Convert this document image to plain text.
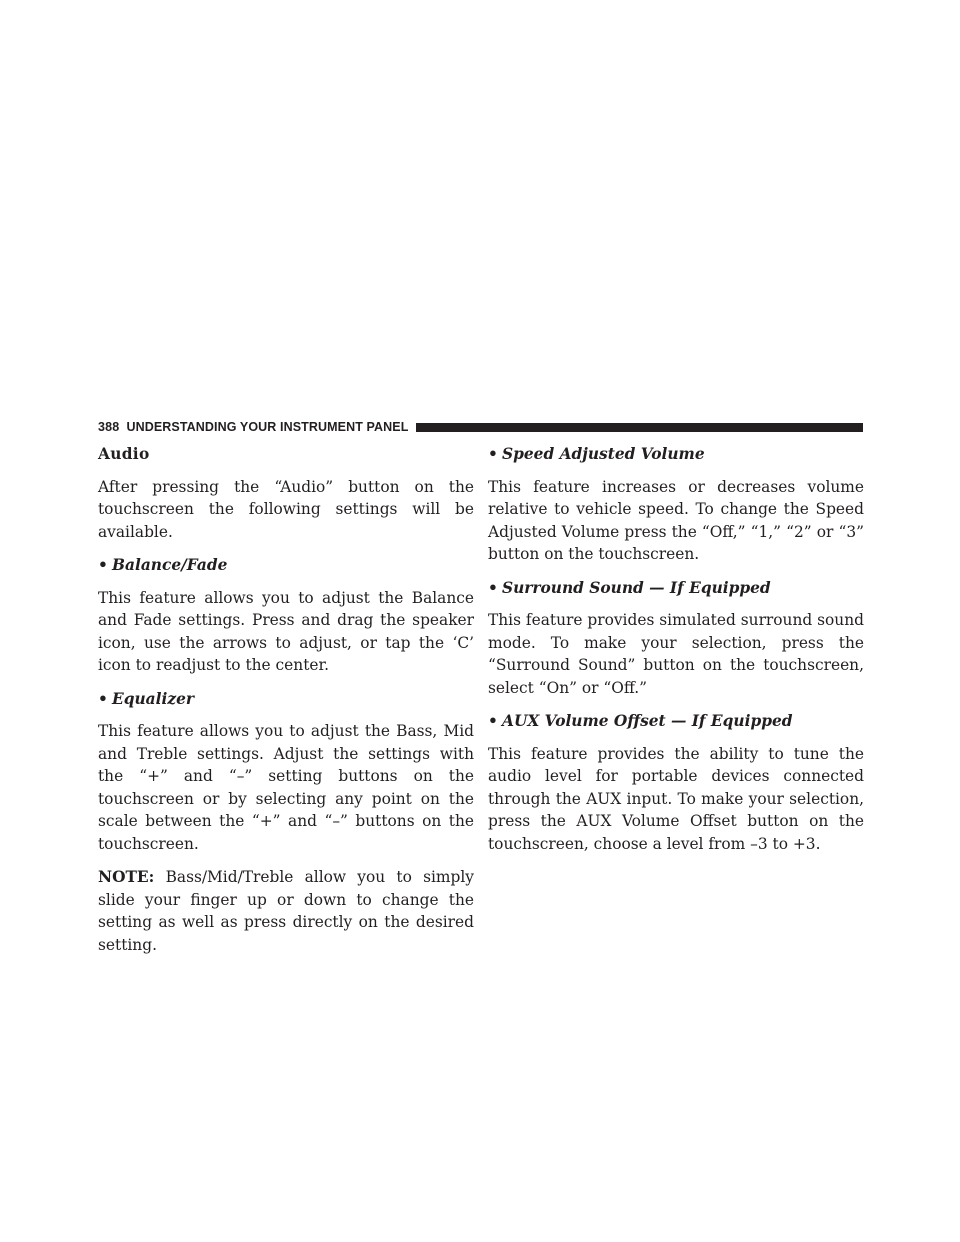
388 UNDERSTANDING YOUR INSTRUMENT PANEL
Audio

After pressing the “Audio” button on the touchscreen the following settings will be available.

• Balance/Fade

This feature allows you to adjust the Balance and Fade settings. Press and drag the speaker icon, use the arrows to adjust, or tap the ‘C’ icon to readjust to the center.

• Equalizer

This feature allows you to adjust the Bass, Mid and Treble settings. Adjust the settings with the “+” and “–” setting buttons on the touchscreen or by selecting any point on the scale between the “+” and “–” buttons on the touchscreen.

NOTE: Bass/Mid/Treble allow you to simply slide your finger up or down to change the setting as well as press directly on the desired setting.

• Speed Adjusted Volume

This feature increases or decreases volume relative to vehicle speed. To change the Speed Adjusted Volume press the “Off,” “1,” “2” or “3” button on the touchscreen.

• Surround Sound — If Equipped

This feature provides simulated surround sound mode. To make your selection, press the “Surround Sound” button on the touchscreen, select “On” or “Off.”

• AUX Volume Offset — If Equipped

This feature provides the ability to tune the audio level for portable devices connected through the AUX input. To make your selection, press the AUX Volume Offset button on the touchscreen, choose a level from –3 to +3.
